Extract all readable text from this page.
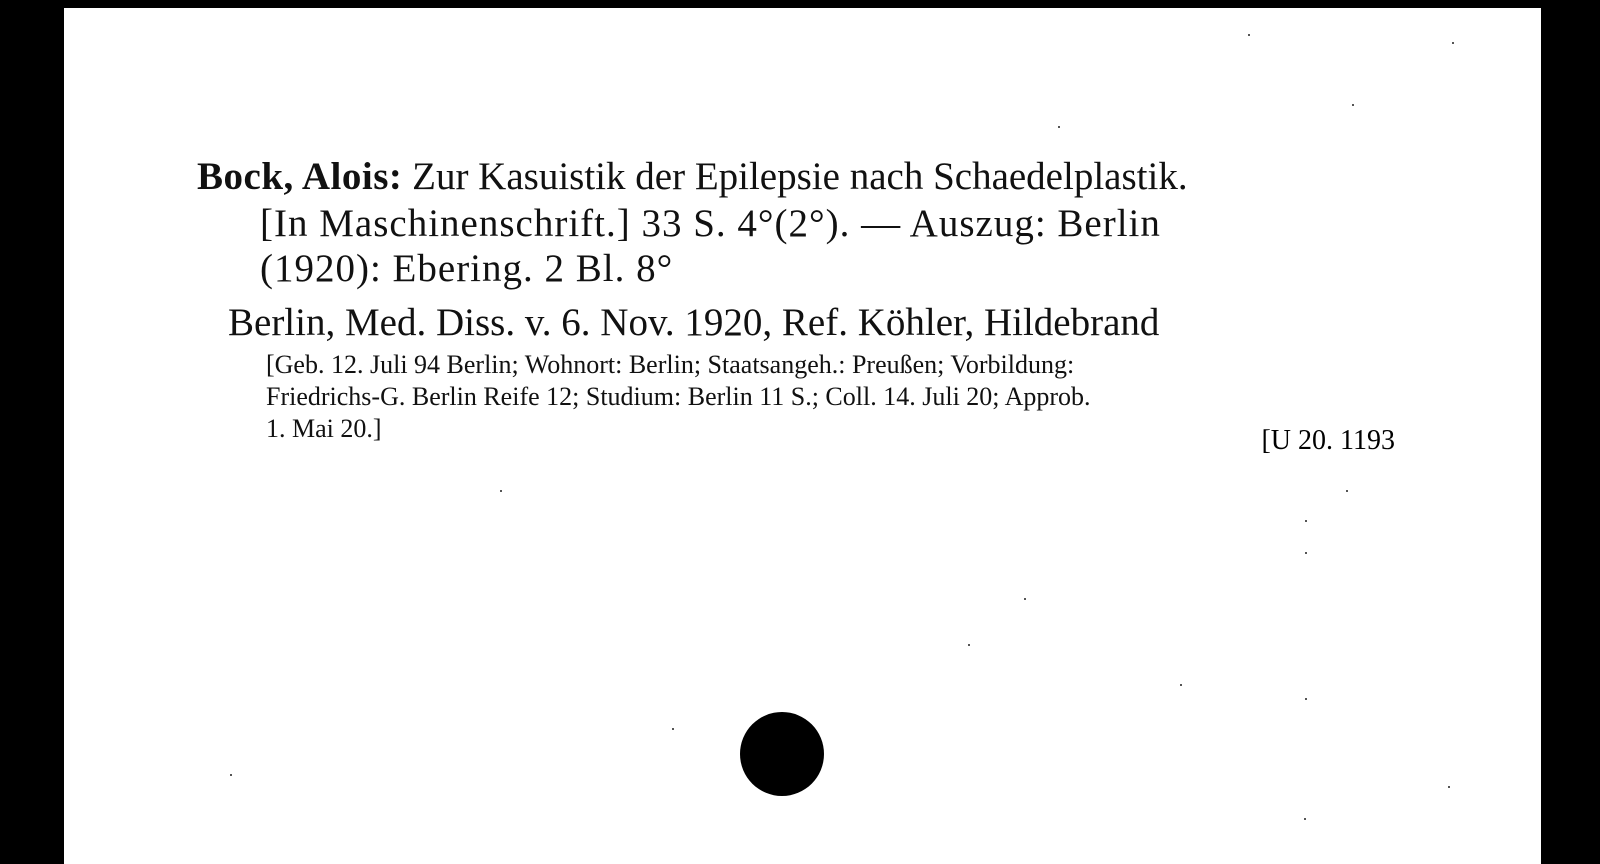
Bock, Alois: Zur Kasuistik der Epilepsie nach Schaedelplastik.
[In Maschinenschrift.] 33 S. 4°(2°). — Auszug: Berlin
(1920): Ebering. 2 Bl. 8°
Berlin, Med. Diss. v. 6. Nov. 1920, Ref. Köhler, Hildebrand
[Geb. 12. Juli 94 Berlin; Wohnort: Berlin; Staatsangeh.: Preußen; Vorbildung:
Friedrichs-G. Berlin Reife 12; Studium: Berlin 11 S.; Coll. 14. Juli 20; Approb.
1. Mai 20.]	[U 20. 1193
